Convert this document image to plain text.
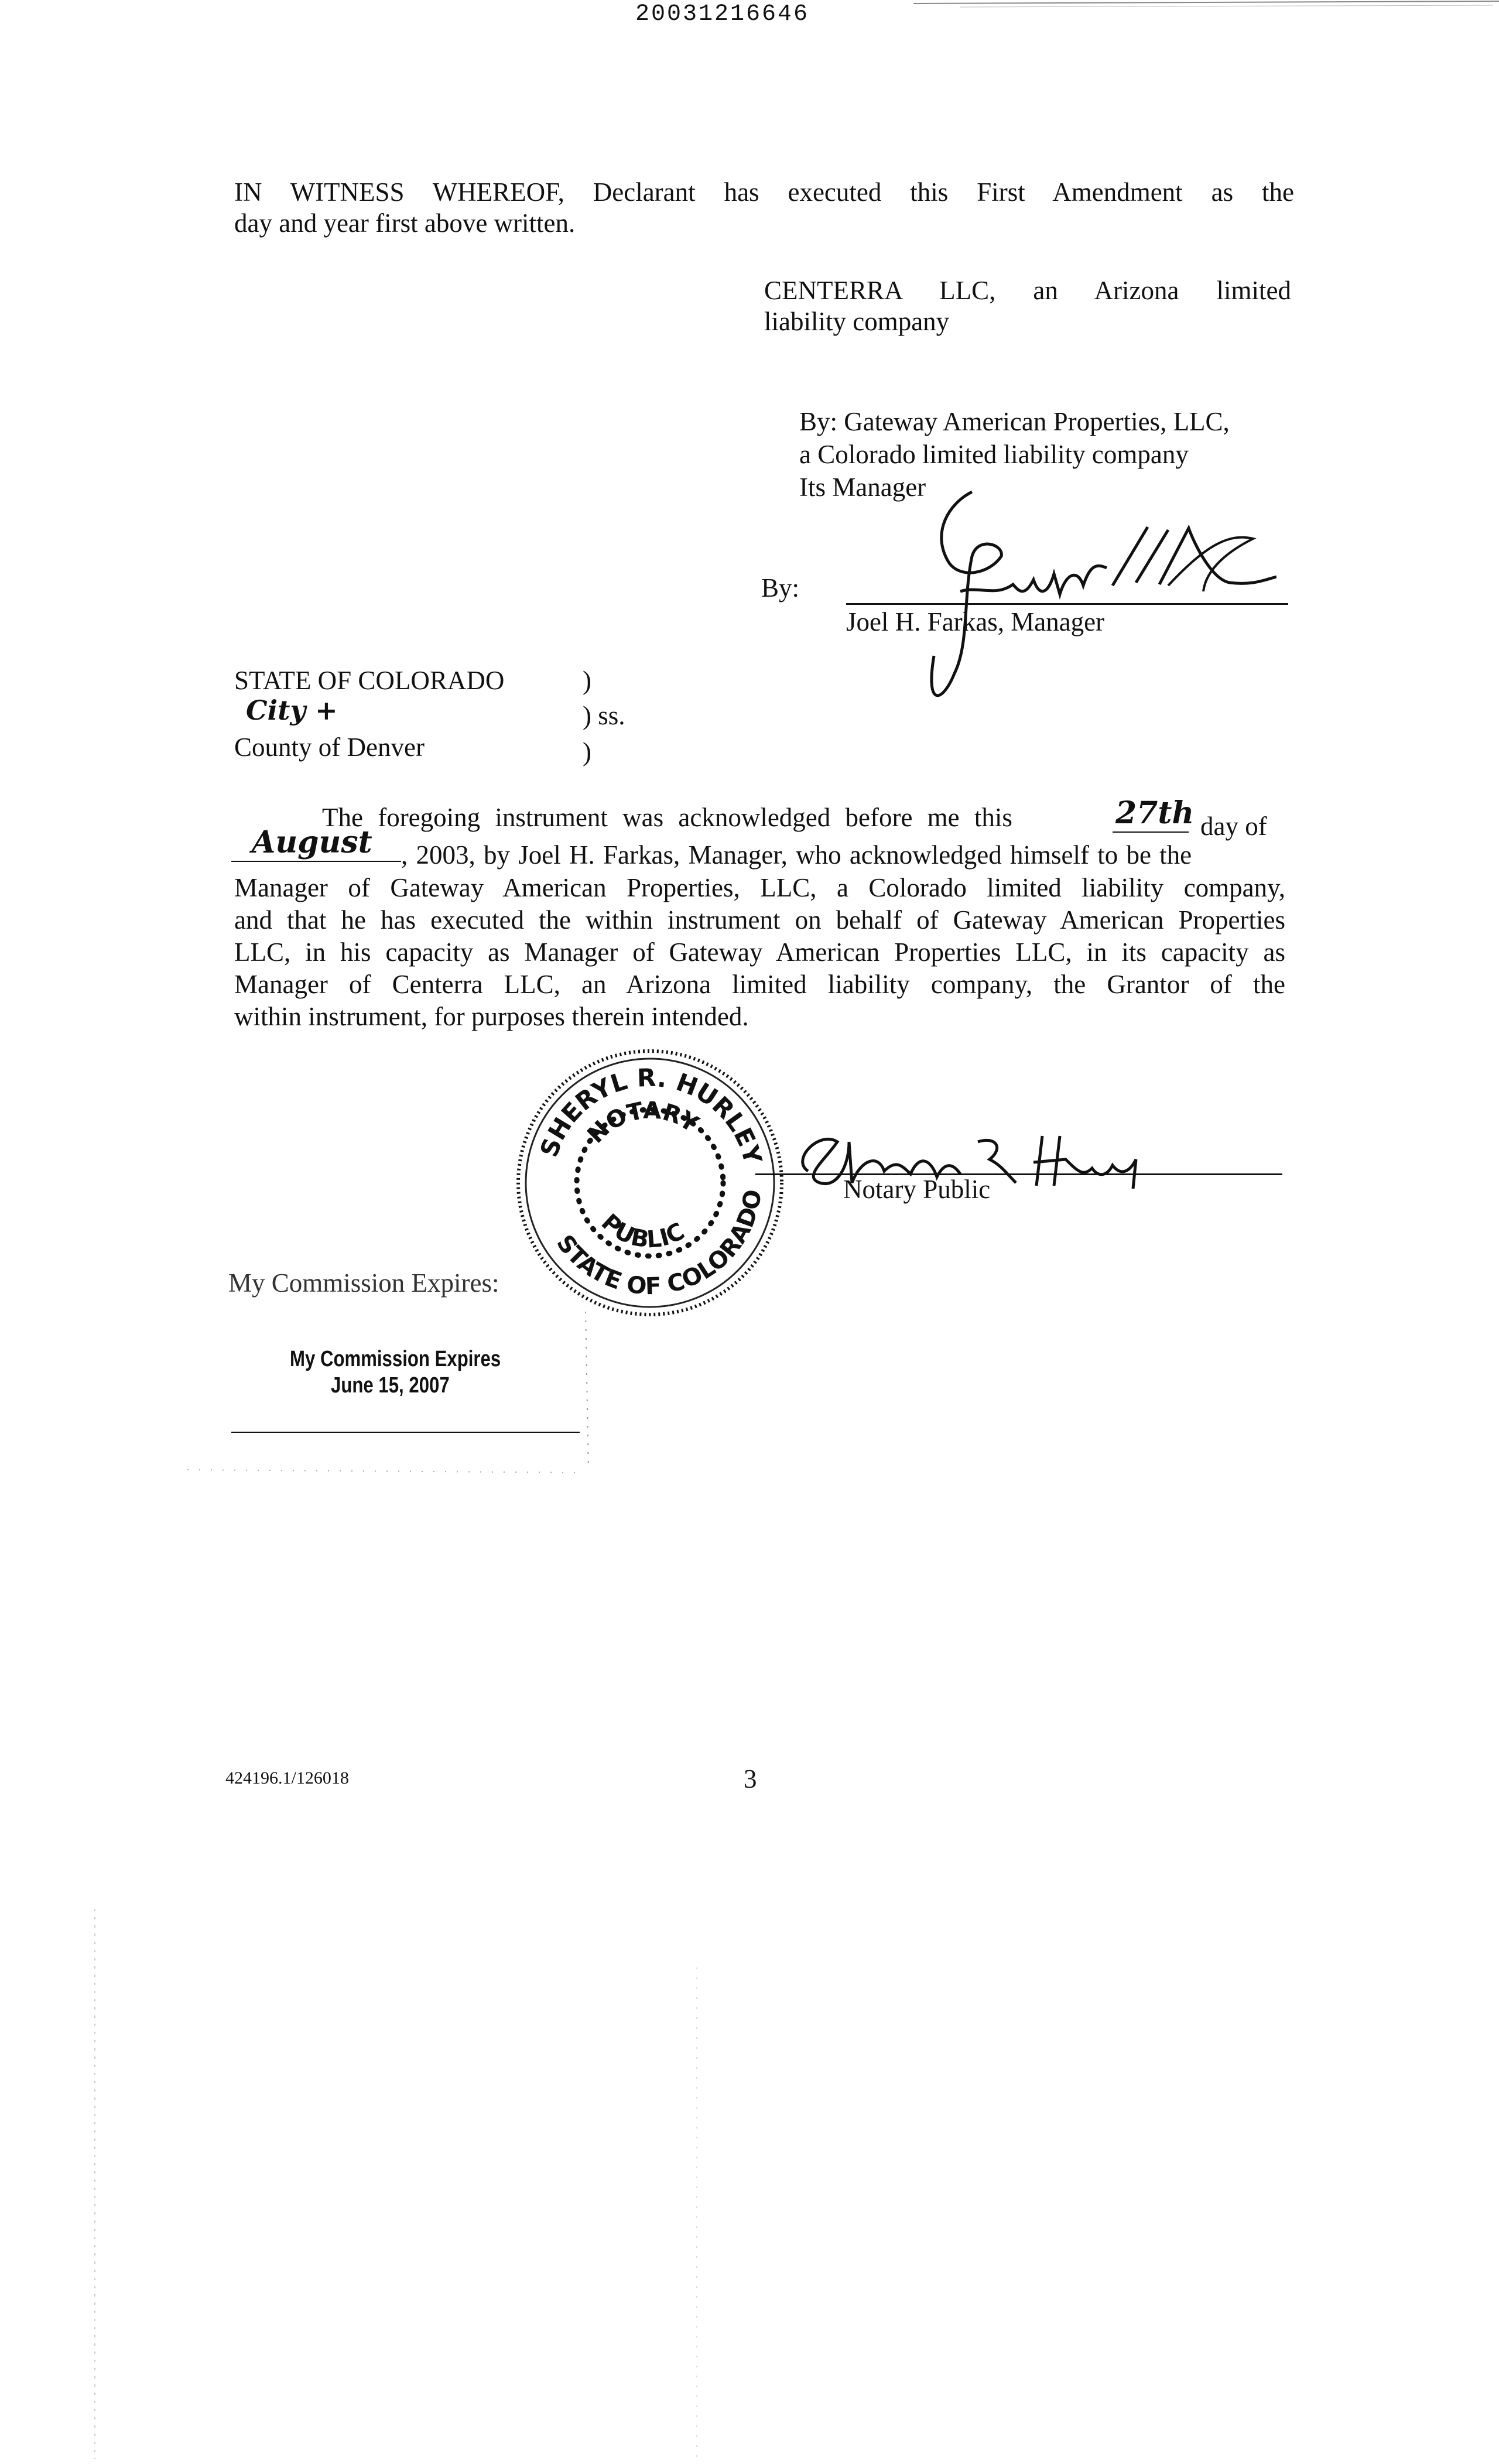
20031216646
IN WITNESS WHEREOF, Declarant has executed this First Amendment as the
day and year first above written.
CENTERRA LLC, an Arizona limited
liability company
By: Gateway American Properties, LLC,
a Colorado limited liability company
Its Manager
By:
Joel H. Farkas, Manager
STATE OF COLORADO	)
City +	) ss.
County of Denver	)
The foregoing instrument was acknowledged before me this	27th day of
August , 2003, by Joel H. Farkas, Manager, who acknowledged himself to be the
Manager of Gateway American Properties, LLC, a Colorado limited liability company,
and that he has executed the within instrument on behalf of Gateway American Properties
LLC, in his capacity as Manager of Gateway American Properties LLC, in its capacity as
Manager of Centerra LLC, an Arizona limited liability company, the Grantor of the
within instrument, for purposes therein intended.
SHERYL R. HURLEY
STATE OF COLORADO
NOTARY
PUBLIC
Notary Public
My Commission Expires:
My Commission Expires
June 15, 2007
424196.1/126018	3
